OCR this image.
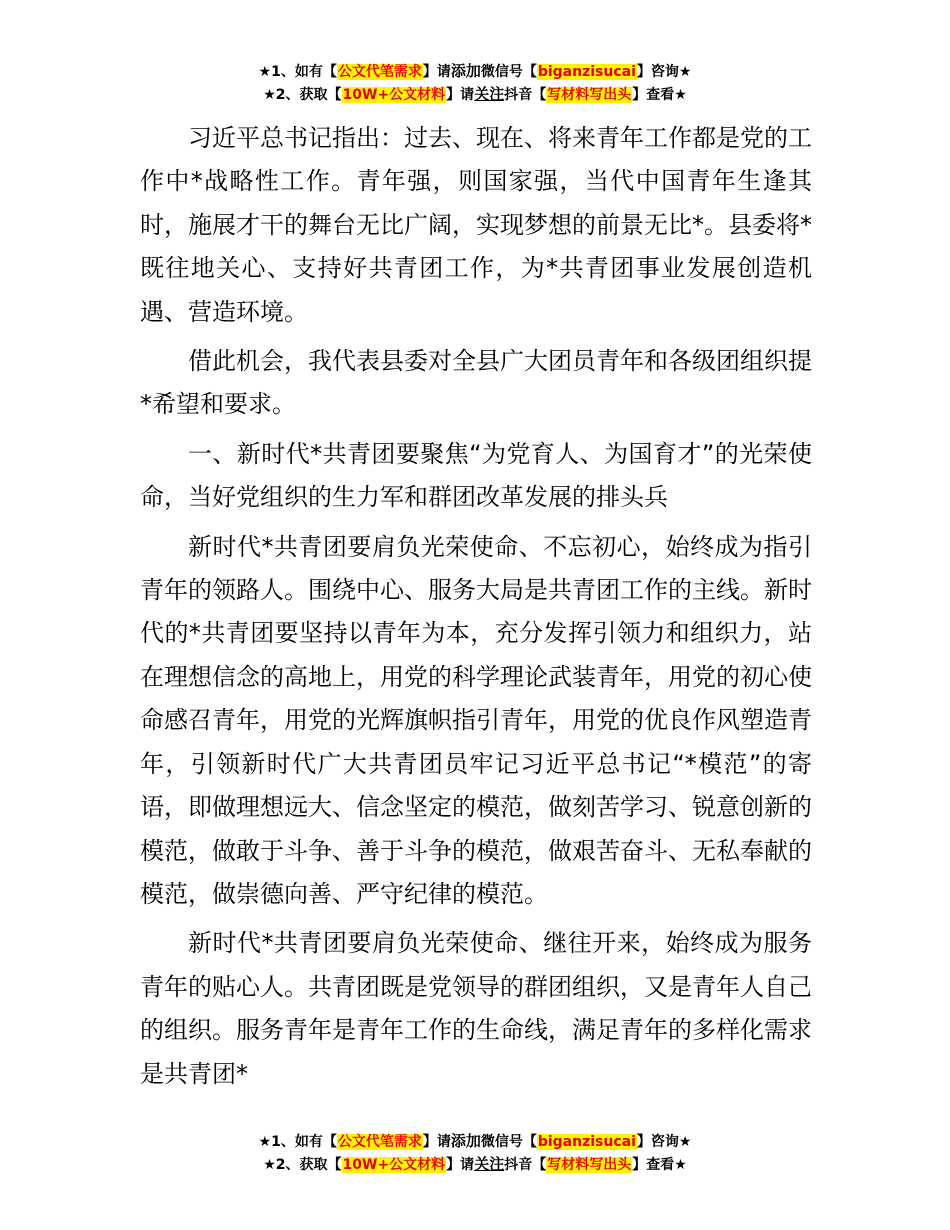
★1、如有【公文代笔需求】请添加微信号【biganzisucai】咨询★
★2、获取【10W+公文材料】请关注抖音【写材料写出头】查看★

习近平总书记指出：过去、现在、将来青年工作都是党的工作中*战略性工作。青年强，则国家强，当代中国青年生逢其时，施展才干的舞台无比广阔，实现梦想的前景无比*。县委将*既往地关心、支持好共青团工作，为*共青团事业发展创造机遇、营造环境。

借此机会，我代表县委对全县广大团员青年和各级团组织提*希望和要求。

一、新时代*共青团要聚焦“为党育人、为国育才”的光荣使命，当好党组织的生力军和群团改革发展的排头兵

新时代*共青团要肩负光荣使命、不忘初心，始终成为指引青年的领路人。围绕中心、服务大局是共青团工作的主线。新时代的*共青团要坚持以青年为本，充分发挥引领力和组织力，站在理想信念的高地上，用党的科学理论武装青年，用党的初心使命感召青年，用党的光辉旗帜指引青年，用党的优良作风塑造青年，引领新时代广大共青团员牢记习近平总书记“*模范”的寄语，即做理想远大、信念坚定的模范，做刻苦学习、锐意创新的模范，做敢于斗争、善于斗争的模范，做艰苦奋斗、无私奉献的模范，做崇德向善、严守纪律的模范。

新时代*共青团要肩负光荣使命、继往开来，始终成为服务青年的贴心人。共青团既是党领导的群团组织，又是青年人自己的组织。服务青年是青年工作的生命线，满足青年的多样化需求是共青团*

★1、如有【公文代笔需求】请添加微信号【biganzisucai】咨询★
★2、获取【10W+公文材料】请关注抖音【写材料写出头】查看★
